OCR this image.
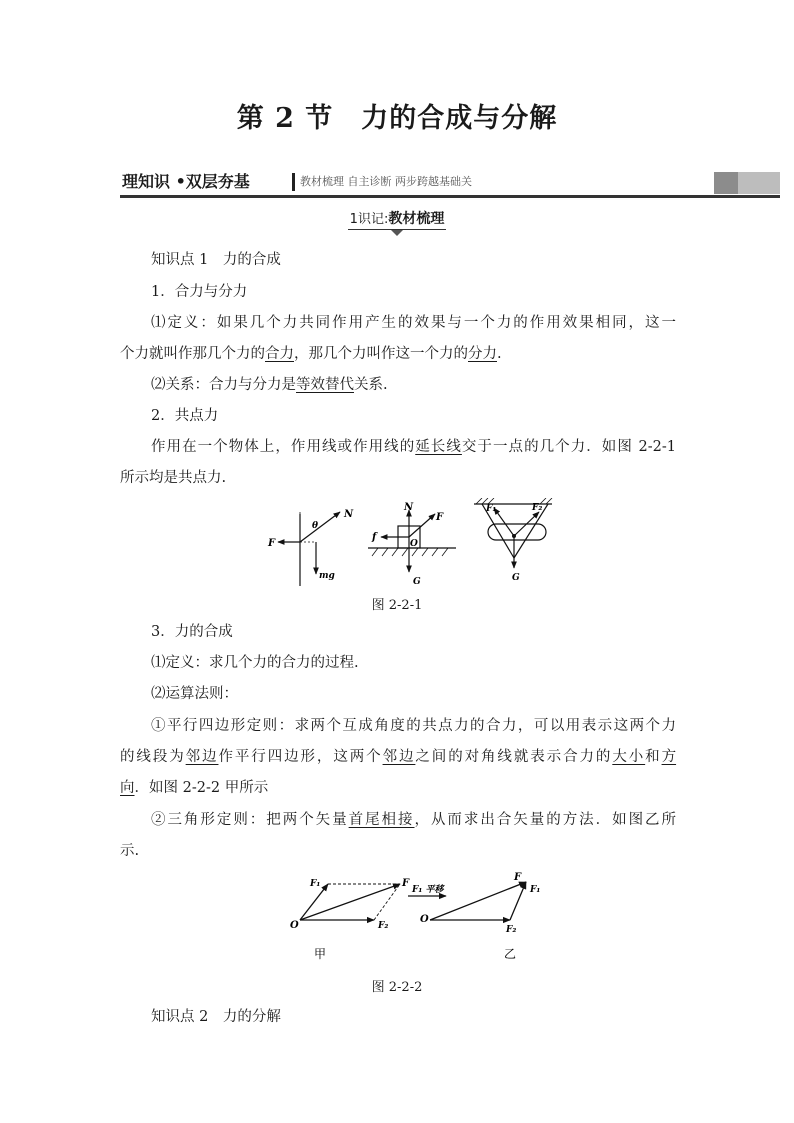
第 2 节　力的合成与分解
理知识 •双层夯基	教材梳理 自主诊断 两步跨越基础关
1识记:教材梳理
知识点 1　力的合成
1．合力与分力
⑴定义：如果几个力共同作用产生的效果与一个力的作用效果相同，这一
个力就叫作那几个力的合力，那几个力叫作这一个力的分力.
⑵关系：合力与分力是等效替代关系.
2．共点力
作用在一个物体上，作用线或作用线的延长线交于一点的几个力．如图 2-2-1
所示均是共点力.
N
θ
F
mg
N
F
f
O
G
F₁	F₂
G
图 2-2-1
3．力的合成
⑴定义：求几个力的合力的过程.
⑵运算法则：
①平行四边形定则：求两个互成角度的共点力的合力，可以用表示这两个力
的线段为邻边作平行四边形，这两个邻边之间的对角线就表示合力的大小和方
向．如图 2-2-2 甲所示
②三角形定则：把两个矢量首尾相接，从而求出合矢量的方法．如图乙所
示.
F₁	F
O	F₂
F₁ 平移
O
F
F₁
F₂
甲	乙
图 2-2-2
知识点 2　力的分解
